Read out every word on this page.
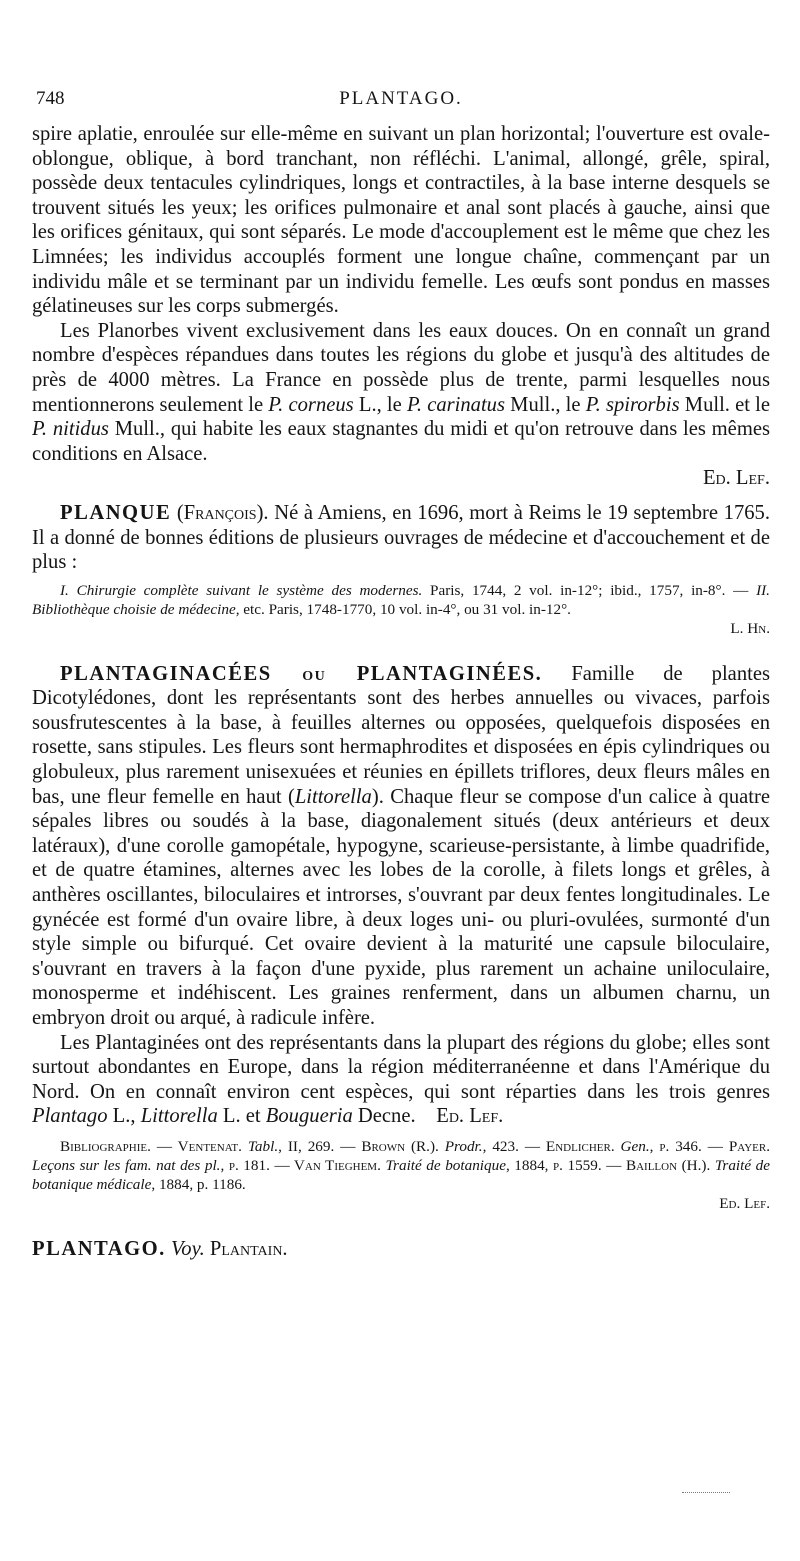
748	PLANTAGO.

spire aplatie, enroulée sur elle-même en suivant un plan horizontal; l'ouverture est ovale-oblongue, oblique, à bord tranchant, non réfléchi. L'animal, allongé, grêle, spiral, possède deux tentacules cylindriques, longs et contractiles, à la base interne desquels se trouvent situés les yeux; les orifices pulmonaire et anal sont placés à gauche, ainsi que les orifices génitaux, qui sont séparés. Le mode d'accouplement est le même que chez les Limnées; les individus accouplés forment une longue chaîne, commençant par un individu mâle et se terminant par un individu femelle. Les œufs sont pondus en masses gélatineuses sur les corps submergés.

Les Planorbes vivent exclusivement dans les eaux douces. On en connaît un grand nombre d'espèces répandues dans toutes les régions du globe et jusqu'à des altitudes de près de 4000 mètres. La France en possède plus de trente, parmi lesquelles nous mentionnerons seulement le P. corneus L., le P. carinatus Mull., le P. spirorbis Mull. et le P. nitidus Mull., qui habite les eaux stagnantes du midi et qu'on retrouve dans les mêmes conditions en Alsace.

Ed. Lef.

PLANQUE (François). Né à Amiens, en 1696, mort à Reims le 19 septembre 1765. Il a donné de bonnes éditions de plusieurs ouvrages de médecine et d'accouchement et de plus :

I. Chirurgie complète suivant le système des modernes. Paris, 1744, 2 vol. in-12°; ibid., 1757, in-8°. — II. Bibliothèque choisie de médecine, etc. Paris, 1748-1770, 10 vol. in-4°, ou 31 vol. in-12°.

L. Hn.

PLANTAGINACÉES ou PLANTAGINÉES. Famille de plantes Dicotylédones, dont les représentants sont des herbes annuelles ou vivaces, parfois sousfrutescentes à la base, à feuilles alternes ou opposées, quelquefois disposées en rosette, sans stipules. Les fleurs sont hermaphrodites et disposées en épis cylindriques ou globuleux, plus rarement unisexuées et réunies en épillets triflores, deux fleurs mâles en bas, une fleur femelle en haut (Littorella). Chaque fleur se compose d'un calice à quatre sépales libres ou soudés à la base, diagonalement situés (deux antérieurs et deux latéraux), d'une corolle gamopétale, hypogyne, scarieuse-persistante, à limbe quadrifide, et de quatre étamines, alternes avec les lobes de la corolle, à filets longs et grêles, à anthères oscillantes, biloculaires et introrses, s'ouvrant par deux fentes longitudinales. Le gynécée est formé d'un ovaire libre, à deux loges uni- ou pluri-ovulées, surmonté d'un style simple ou bifurqué. Cet ovaire devient à la maturité une capsule biloculaire, s'ouvrant en travers à la façon d'une pyxide, plus rarement un achaine uniloculaire, monosperme et indéhiscent. Les graines renferment, dans un albumen charnu, un embryon droit ou arqué, à radicule infère.

Les Plantaginées ont des représentants dans la plupart des régions du globe; elles sont surtout abondantes en Europe, dans la région méditerranéenne et dans l'Amérique du Nord. On en connaît environ cent espèces, qui sont réparties dans les trois genres Plantago L., Littorella L. et Bougueria Decne. Ed. Lef.

Bibliographie. — Ventenat. Tabl., II, 269. — Brown (R.). Prodr., 423. — Endlicher. Gen., p. 346. — Payer. Leçons sur les fam. nat des pl., p. 181. — Van Tieghem. Traité de botanique, 1884, p. 1559. — Baillon (H.). Traité de botanique médicale, 1884, p. 1186.

Ed. Lef.

PLANTAGO. Voy. Plantain.
